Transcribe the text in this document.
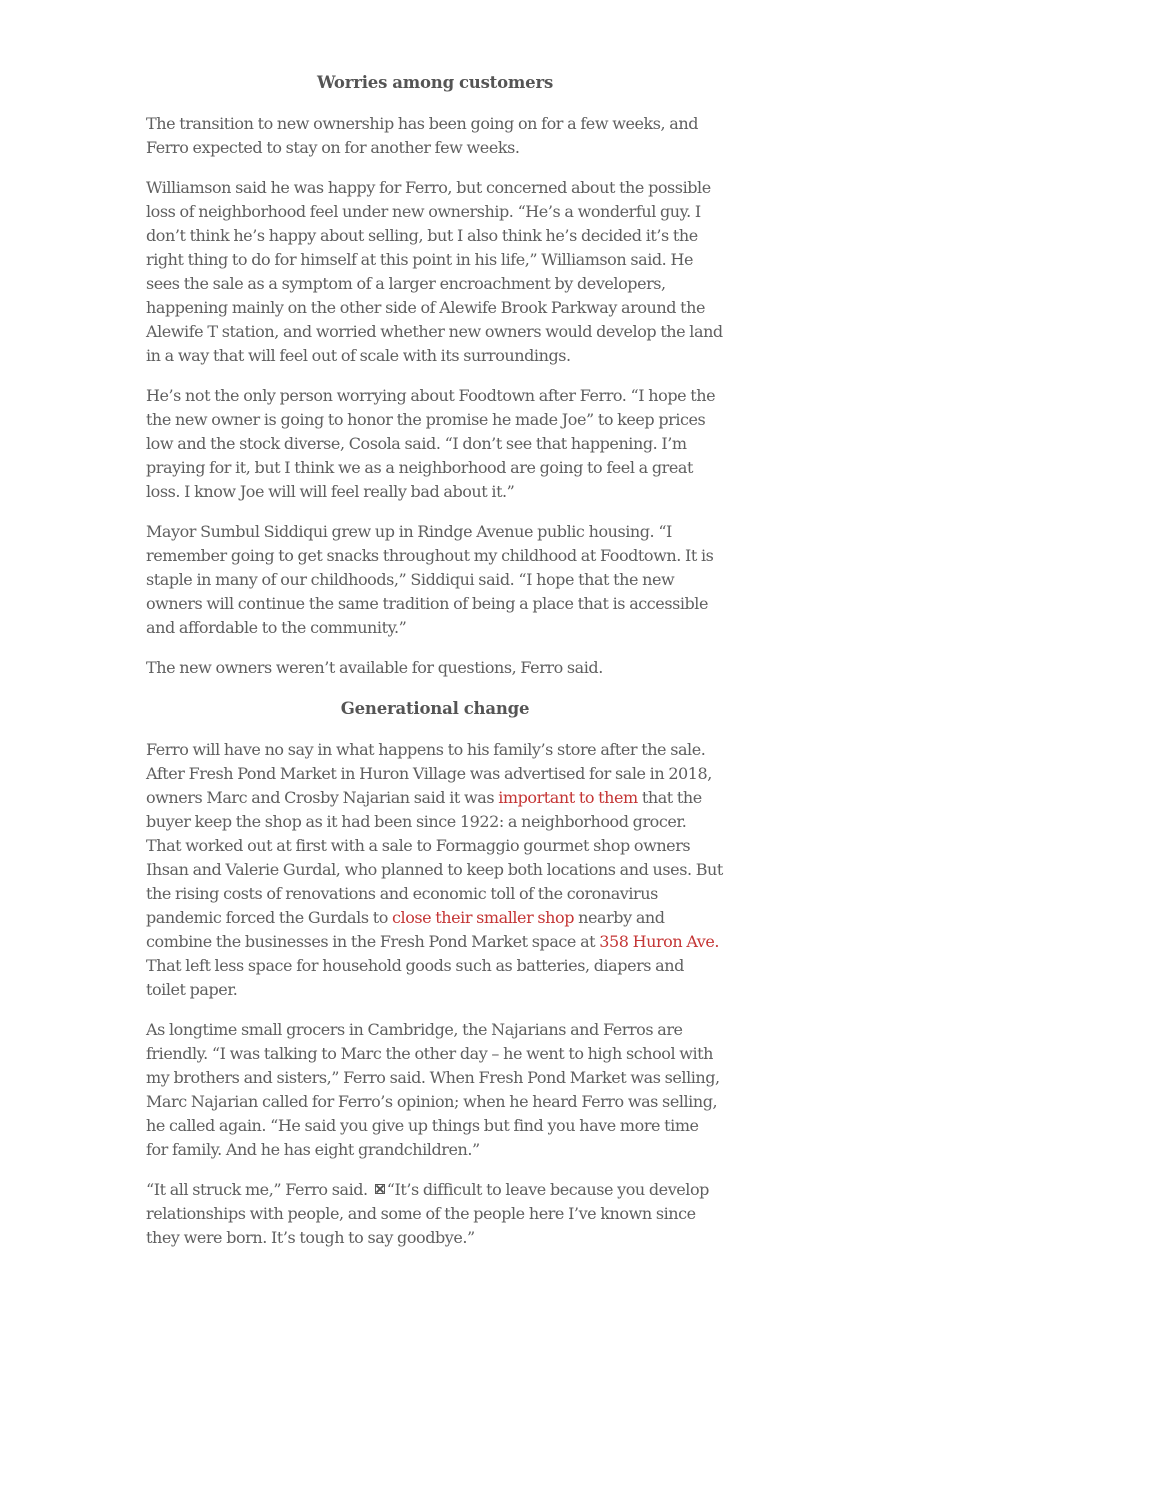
Worries among customers

The transition to new ownership has been going on for a few weeks, and Ferro expected to stay on for another few weeks.

Williamson said he was happy for Ferro, but concerned about the possible loss of neighborhood feel under new ownership. “He’s a wonderful guy. I don’t think he’s happy about selling, but I also think he’s decided it’s the right thing to do for himself at this point in his life,” Williamson said. He sees the sale as a symptom of a larger encroachment by developers, happening mainly on the other side of Alewife Brook Parkway around the Alewife T station, and worried whether new owners would develop the land in a way that will feel out of scale with its surroundings.

He’s not the only person worrying about Foodtown after Ferro. “I hope the the new owner is going to honor the promise he made Joe” to keep prices low and the stock diverse, Cosola said. “I don’t see that happening. I’m praying for it, but I think we as a neighborhood are going to feel a great loss. I know Joe will will feel really bad about it.”

Mayor Sumbul Siddiqui grew up in Rindge Avenue public housing. “I remember going to get snacks throughout my childhood at Foodtown. It is staple in many of our childhoods,” Siddiqui said. “I hope that the new owners will continue the same tradition of being a place that is accessible and affordable to the community.”

The new owners weren’t available for questions, Ferro said.

Generational change

Ferro will have no say in what happens to his family’s store after the sale. After Fresh Pond Market in Huron Village was advertised for sale in 2018, owners Marc and Crosby Najarian said it was important to them that the buyer keep the shop as it had been since 1922: a neighborhood grocer. That worked out at first with a sale to Formaggio gourmet shop owners Ihsan and Valerie Gurdal, who planned to keep both locations and uses. But the rising costs of renovations and economic toll of the coronavirus pandemic forced the Gurdals to close their smaller shop nearby and combine the businesses in the Fresh Pond Market space at 358 Huron Ave. That left less space for household goods such as batteries, diapers and toilet paper.

As longtime small grocers in Cambridge, the Najarians and Ferros are friendly. “I was talking to Marc the other day – he went to high school with my brothers and sisters,” Ferro said. When Fresh Pond Market was selling, Marc Najarian called for Ferro’s opinion; when he heard Ferro was selling, he called again. “He said you give up things but find you have more time for family. And he has eight grandchildren.”

“It all struck me,” Ferro said. “It’s difficult to leave because you develop relationships with people, and some of the people here I’ve known since they were born. It’s tough to say goodbye.”
